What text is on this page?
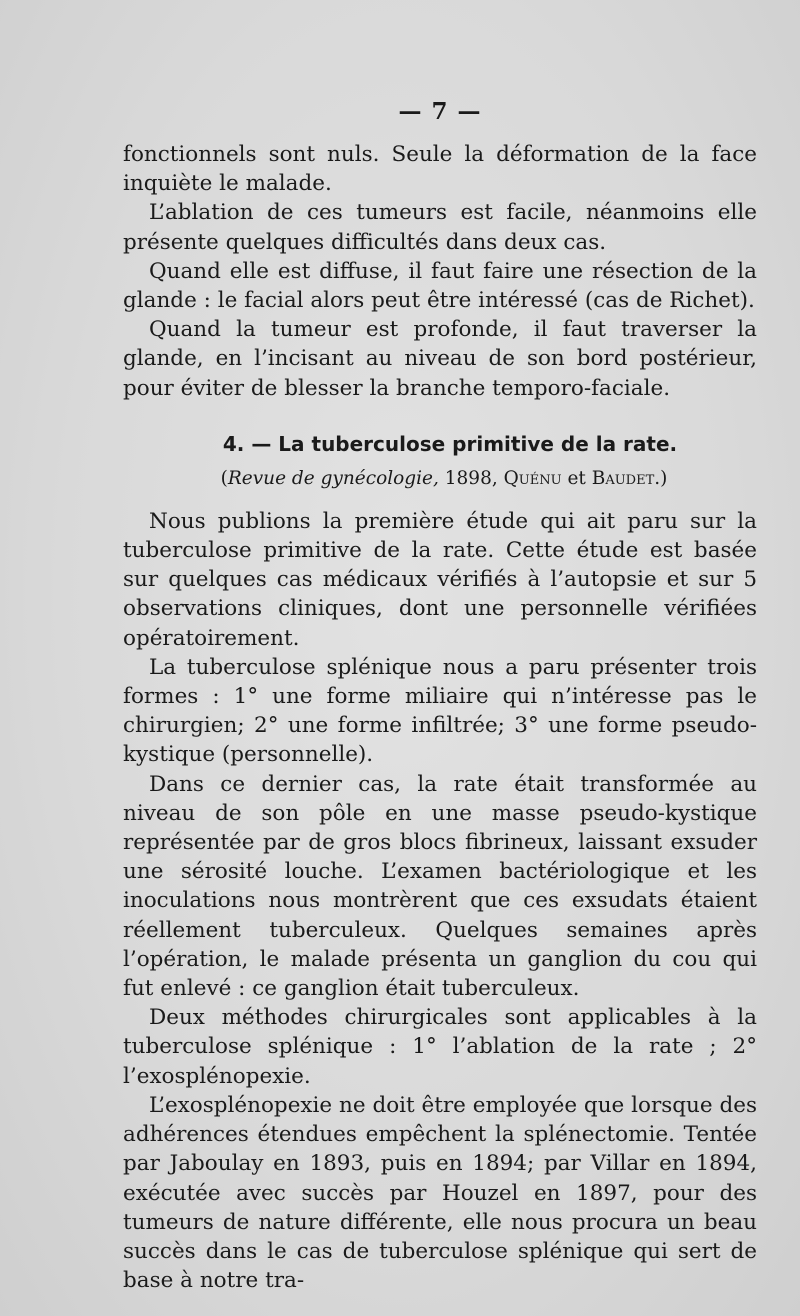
— 7 —

fonctionnels sont nuls. Seule la déformation de la face inquiète le malade.

L’ablation de ces tumeurs est facile, néanmoins elle présente quelques difficultés dans deux cas.

Quand elle est diffuse, il faut faire une résection de la glande : le facial alors peut être intéressé (cas de Richet).

Quand la tumeur est profonde, il faut traverser la glande, en l’incisant au niveau de son bord postérieur, pour éviter de blesser la branche temporo-faciale.

4. — La tuberculose primitive de la rate.
(Revue de gynécologie, 1898, Quénu et Baudet.)

Nous publions la première étude qui ait paru sur la tuberculose primitive de la rate. Cette étude est basée sur quelques cas médicaux vérifiés à l’autopsie et sur 5 observations cliniques, dont une personnelle vérifiées opératoirement.

La tuberculose splénique nous a paru présenter trois formes : 1° une forme miliaire qui n’intéresse pas le chirurgien; 2° une forme infiltrée; 3° une forme pseudo-kystique (personnelle).

Dans ce dernier cas, la rate était transformée au niveau de son pôle en une masse pseudo-kystique représentée par de gros blocs fibrineux, laissant exsuder une sérosité louche. L’examen bactériologique et les inoculations nous montrèrent que ces exsudats étaient réellement tuberculeux. Quelques semaines après l’opération, le malade présenta un ganglion du cou qui fut enlevé : ce ganglion était tuberculeux.

Deux méthodes chirurgicales sont applicables à la tuberculose splénique : 1° l’ablation de la rate ; 2° l’exosplénopexie.

L’exosplénopexie ne doit être employée que lorsque des adhérences étendues empêchent la splénectomie. Tentée par Jaboulay en 1893, puis en 1894; par Villar en 1894, exécutée avec succès par Houzel en 1897, pour des tumeurs de nature différente, elle nous procura un beau succès dans le cas de tuberculose splénique qui sert de base à notre tra-
